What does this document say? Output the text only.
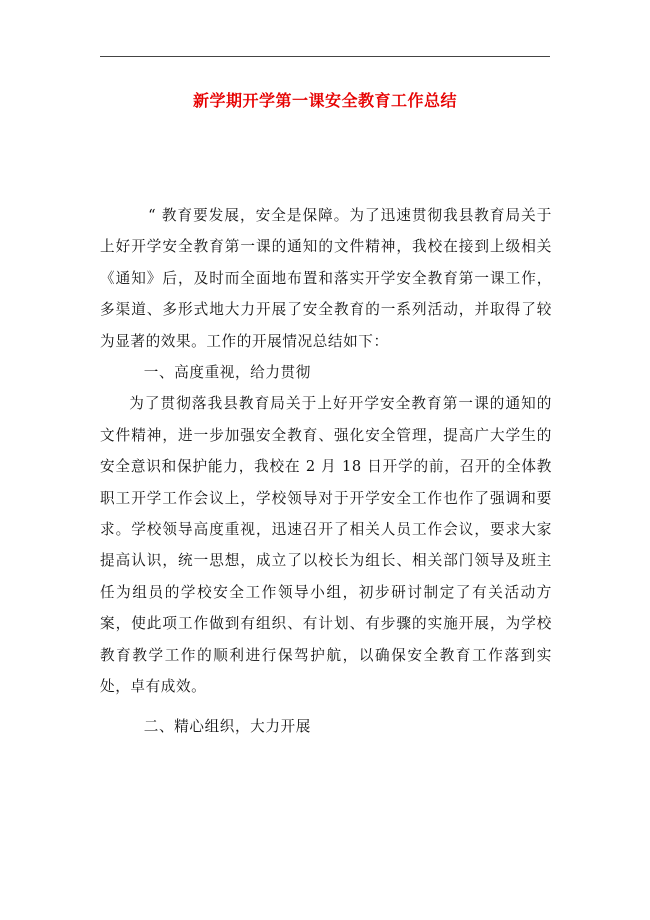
新学期开学第一课安全教育工作总结

“ 教育要发展，安全是保障。为了迅速贯彻我县教育局关于上好开学安全教育第一课的通知的文件精神，我校在接到上级相关《通知》后，及时而全面地布置和落实开学安全教育第一课工作，多渠道、多形式地大力开展了安全教育的一系列活动，并取得了较为显著的效果。工作的开展情况总结如下：

一、高度重视，给力贯彻

为了贯彻落我县教育局关于上好开学安全教育第一课的通知的文件精神，进一步加强安全教育、强化安全管理，提高广大学生的安全意识和保护能力，我校在 2 月 18 日开学的前，召开的全体教职工开学工作会议上，学校领导对于开学安全工作也作了强调和要求。学校领导高度重视，迅速召开了相关人员工作会议，要求大家提高认识，统一思想，成立了以校长为组长、相关部门领导及班主任为组员的学校安全工作领导小组，初步研讨制定了有关活动方案，使此项工作做到有组织、有计划、有步骤的实施开展，为学校教育教学工作的顺利进行保驾护航，以确保安全教育工作落到实处，卓有成效。

二、精心组织，大力开展
